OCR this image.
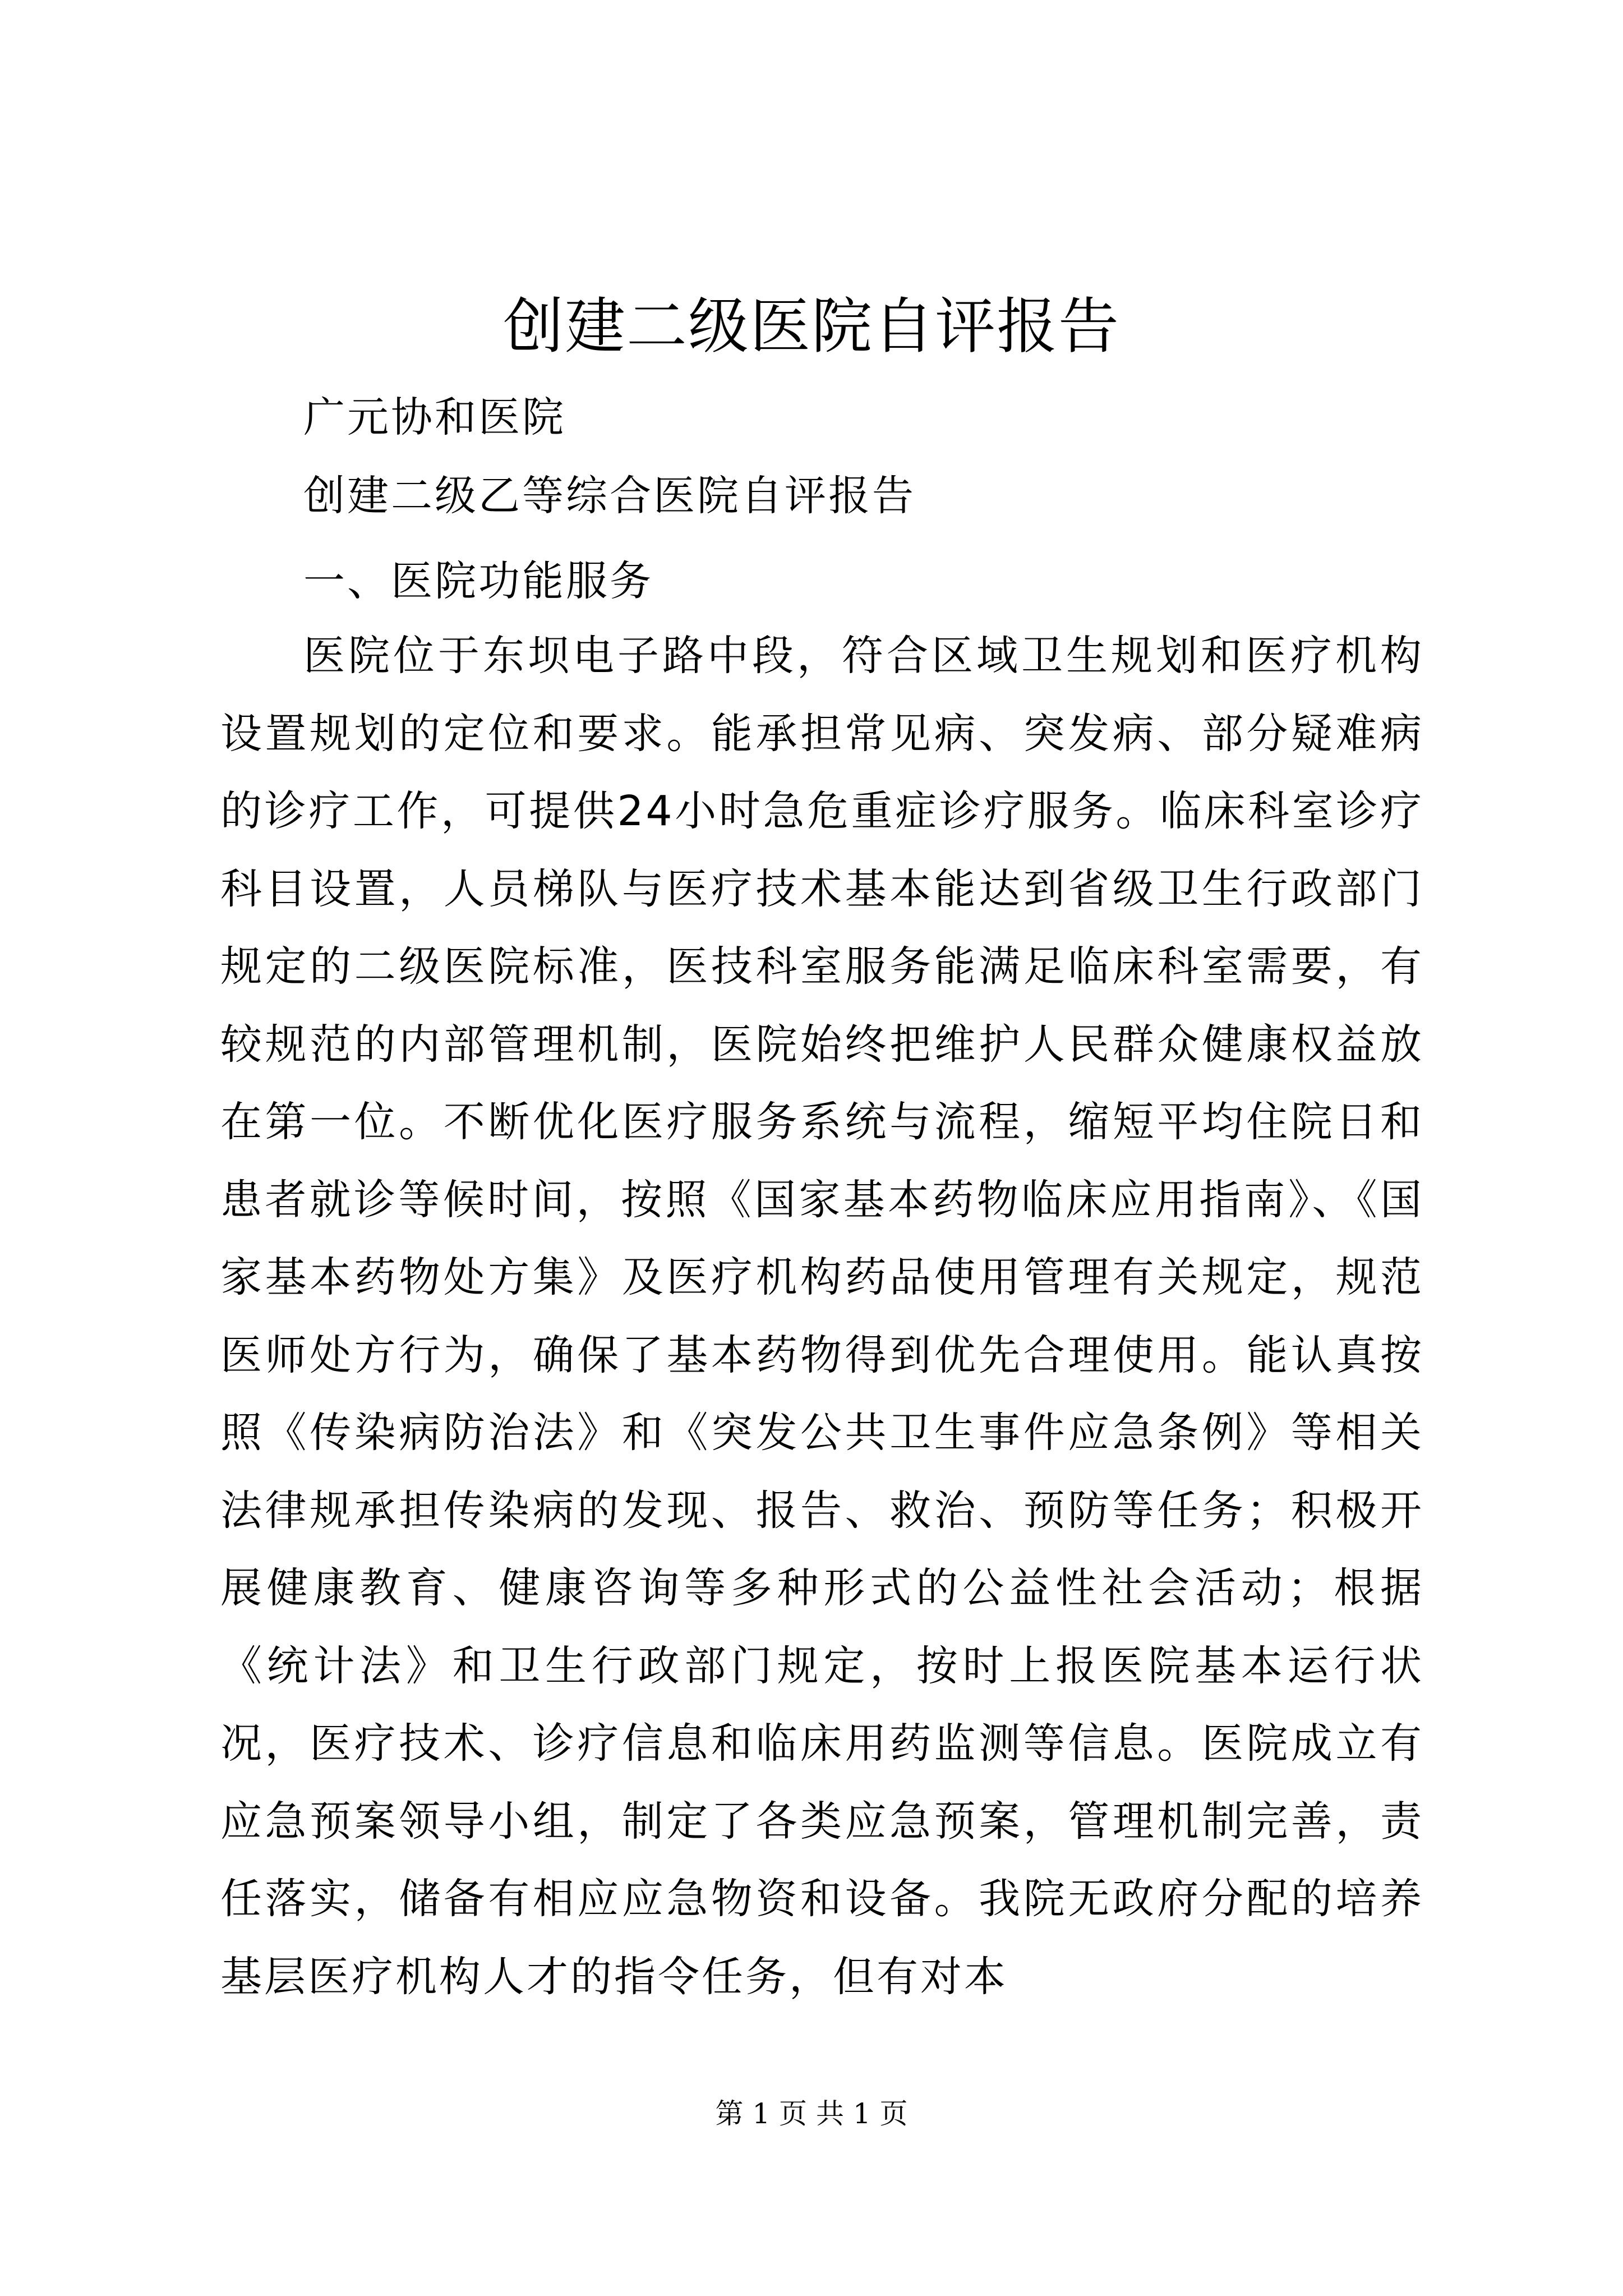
创建二级医院自评报告

广元协和医院

创建二级乙等综合医院自评报告

一、医院功能服务

医院位于东坝电子路中段，符合区域卫生规划和医疗机构设置规划的定位和要求。能承担常见病、突发病、部分疑难病的诊疗工作，可提供24小时急危重症诊疗服务。临床科室诊疗科目设置，人员梯队与医疗技术基本能达到省级卫生行政部门规定的二级医院标准，医技科室服务能满足临床科室需要，有较规范的内部管理机制，医院始终把维护人民群众健康权益放在第一位。不断优化医疗服务系统与流程，缩短平均住院日和患者就诊等候时间，按照《国家基本药物临床应用指南》、《国家基本药物处方集》及医疗机构药品使用管理有关规定，规范医师处方行为，确保了基本药物得到优先合理使用。能认真按照《传染病防治法》和《突发公共卫生事件应急条例》等相关法律规承担传染病的发现、报告、救治、预防等任务；积极开展健康教育、健康咨询等多种形式的公益性社会活动；根据《统计法》和卫生行政部门规定，按时上报医院基本运行状况，医疗技术、诊疗信息和临床用药监测等信息。医院成立有应急预案领导小组，制定了各类应急预案，管理机制完善，责任落实，储备有相应应急物资和设备。我院无政府分配的培养基层医疗机构人才的指令任务，但有对本

第 1 页 共 1 页
